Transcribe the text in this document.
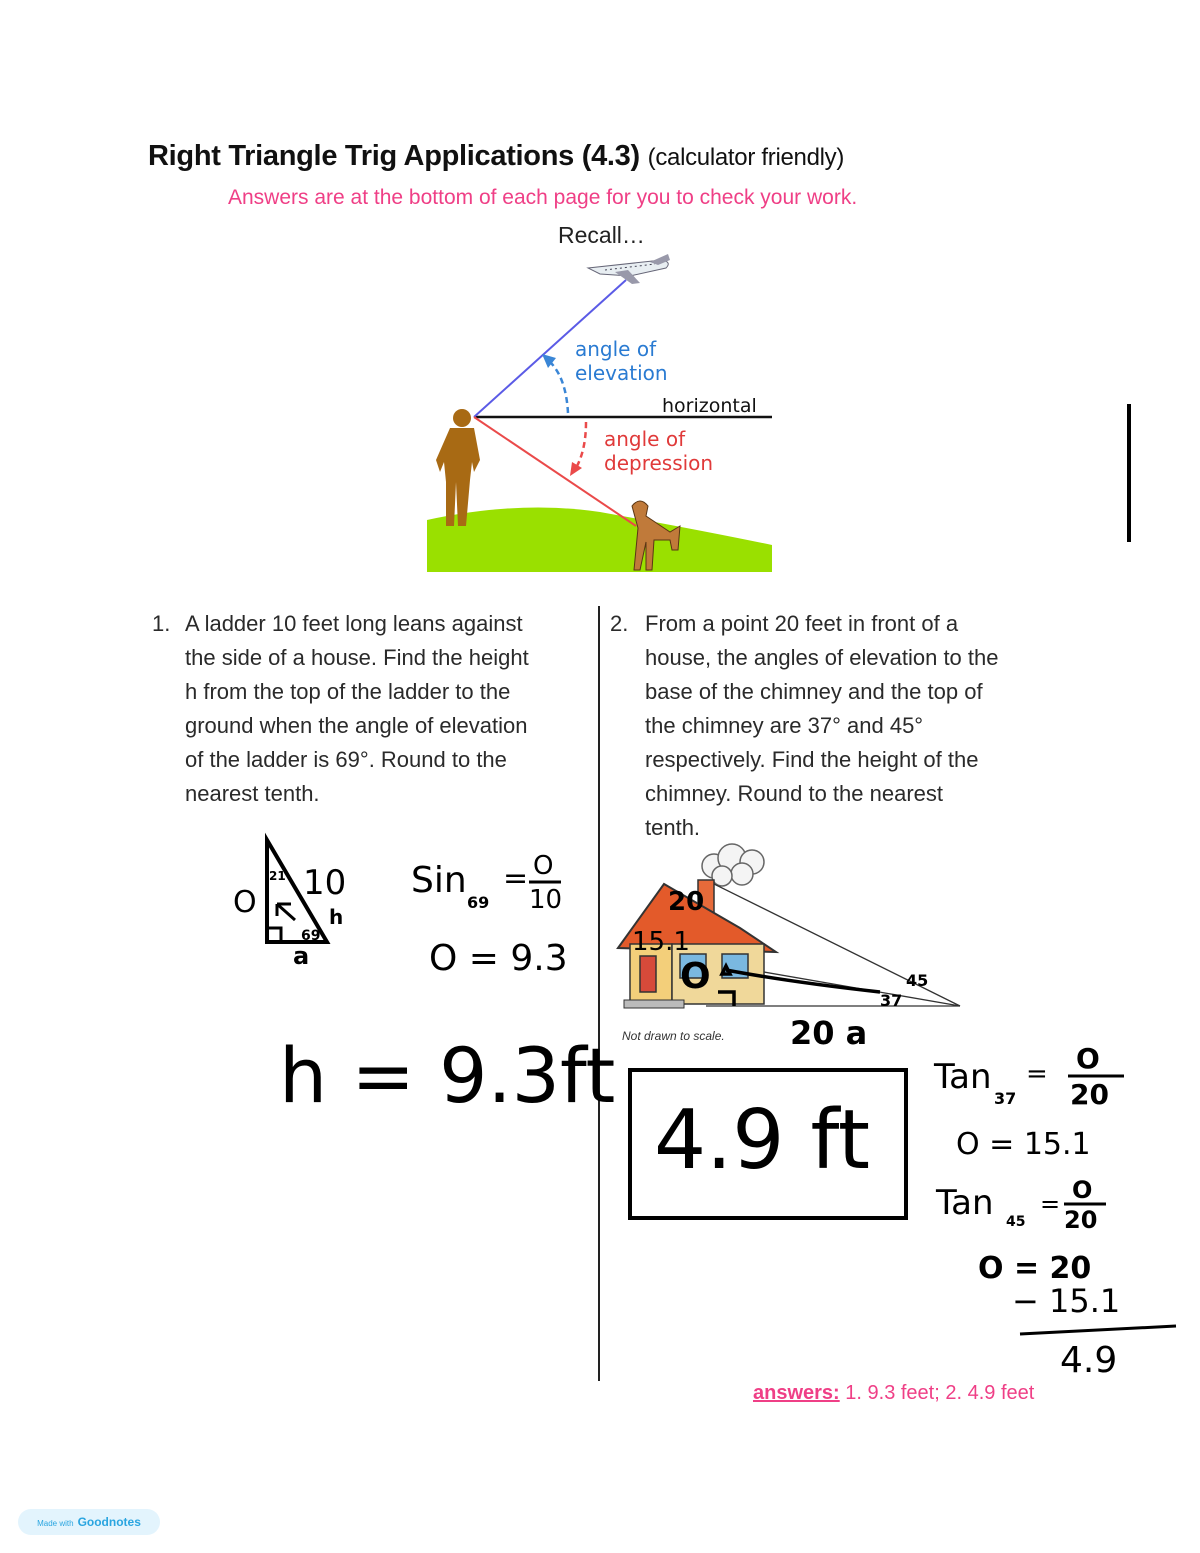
Right Triangle Trig Applications (4.3) (calculator friendly)
Answers are at the bottom of each page for you to check your work.
Recall…
angle of
elevation
horizontal
angle of
depression
1. A ladder 10 feet long leans against
the side of a house. Find the height
h from the top of the ladder to the
ground when the angle of elevation
of the ladder is 69°. Round to the
nearest tenth.
10
O
a
h
21
69
Sin
69
= O
10
O = 9.3
h = 9.3ft
2. From a point 20 feet in front of a
house, the angles of elevation to the
base of the chimney and the top of
the chimney are 37° and 45°
respectively. Find the height of the
chimney. Round to the nearest
tenth.
20
15.1
O	45
37
Not drawn to scale. 20 a
4.9 ft
Tan
37
= O
20
O = 15.1
Tan 45
= O
20
O = 20
− 15.1
4.9
answers: 1. 9.3 feet; 2. 4.9 feet
Made with Goodnotes
